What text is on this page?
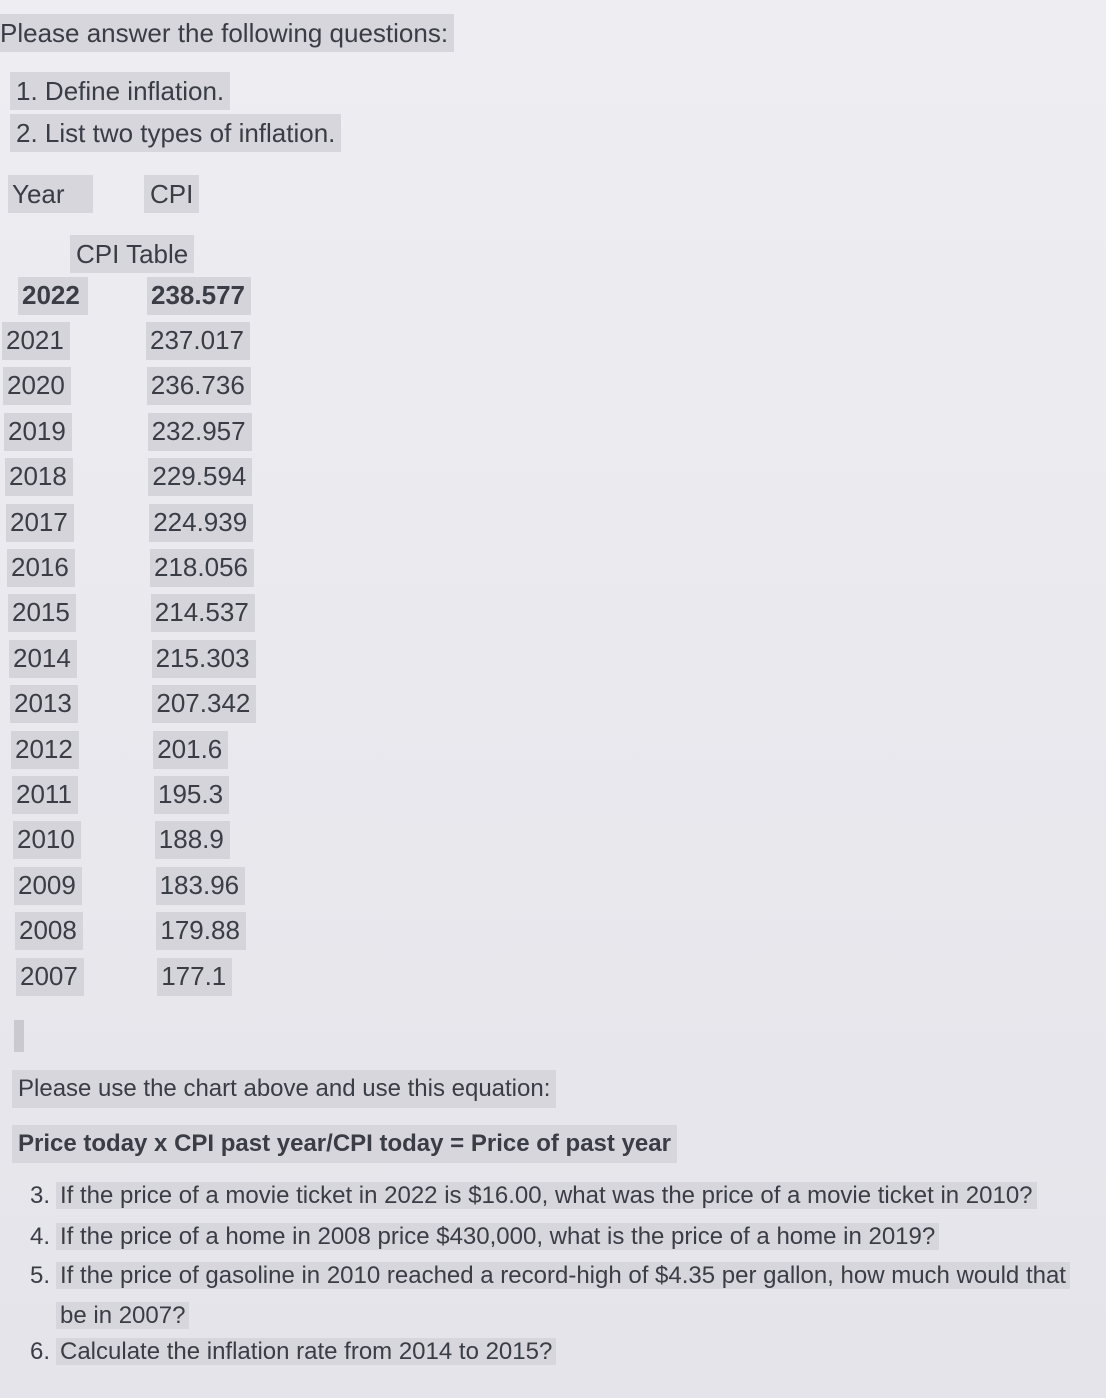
Please answer the following questions:
1. Define inflation.
2. List two types of inflation.
Year	CPI
CPI Table
2022	238.577
2021	237.017
2020	236.736
2019	232.957
2018	229.594
2017	224.939
2016	218.056
2015	214.537
2014	215.303
2013	207.342
2012	201.6
2011	195.3
2010	188.9
2009	183.96
2008	179.88
2007	177.1
Please use the chart above and use this equation:
Price today x CPI past year/CPI today = Price of past year
3. If the price of a movie ticket in 2022 is $16.00, what was the price of a movie ticket in 2010?
4. If the price of a home in 2008 price $430,000, what is the price of a home in 2019?
5. If the price of gasoline in 2010 reached a record-high of $4.35 per gallon, how much would that
be in 2007?
6. Calculate the inflation rate from 2014 to 2015?
